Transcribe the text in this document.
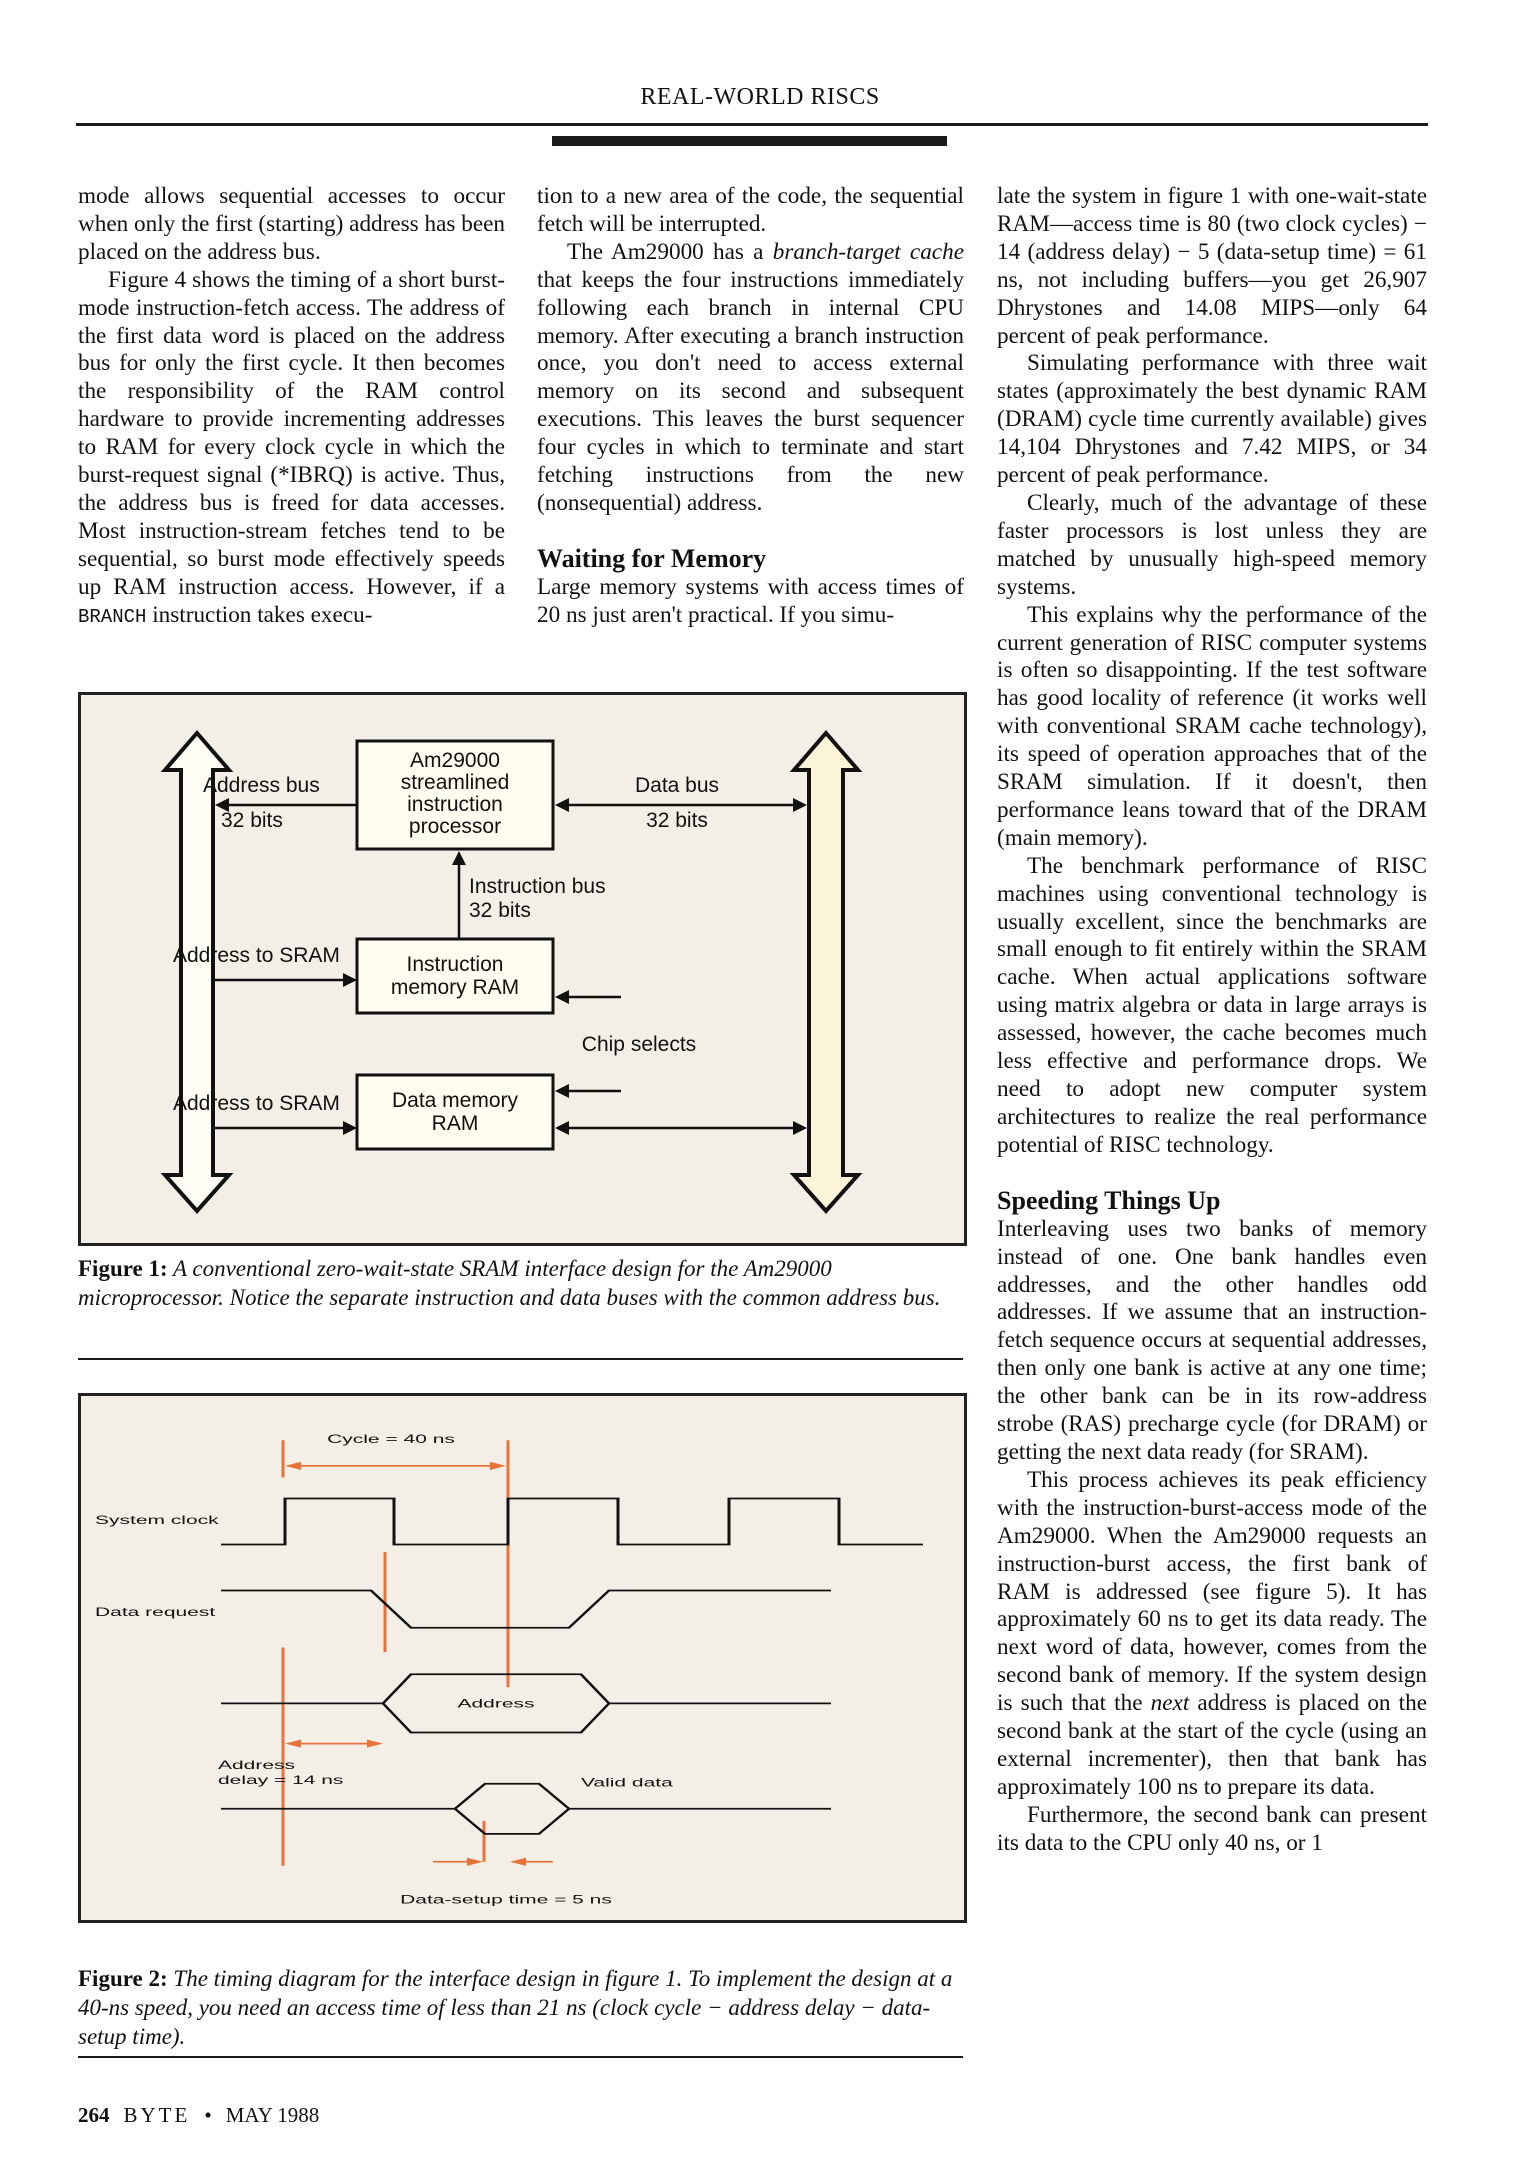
REAL-WORLD RISCS

mode allows sequential accesses to occur when only the first (starting) address has been placed on the address bus.

Figure 4 shows the timing of a short burst-mode instruction-fetch access. The address of the first data word is placed on the address bus for only the first cycle. It then becomes the responsibility of the RAM control hardware to provide incrementing addresses to RAM for every clock cycle in which the burst-request signal (*IBRQ) is active. Thus, the address bus is freed for data accesses. Most instruction-stream fetches tend to be sequential, so burst mode effectively speeds up RAM instruction access. However, if a BRANCH instruction takes execu-

tion to a new area of the code, the sequential fetch will be interrupted.

The Am29000 has a branch-target cache that keeps the four instructions immediately following each branch in internal CPU memory. After executing a branch instruction once, you don't need to access external memory on its second and subsequent executions. This leaves the burst sequencer four cycles in which to terminate and start fetching instructions from the new (nonsequential) address.

Waiting for Memory

Large memory systems with access times of 20 ns just aren't practical. If you simu-

late the system in figure 1 with one-wait-state RAM—access time is 80 (two clock cycles) − 14 (address delay) − 5 (data-setup time) = 61 ns, not including buffers—you get 26,907 Dhrystones and 14.08 MIPS—only 64 percent of peak performance.

Simulating performance with three wait states (approximately the best dynamic RAM (DRAM) cycle time currently available) gives 14,104 Dhrystones and 7.42 MIPS, or 34 percent of peak performance.

Clearly, much of the advantage of these faster processors is lost unless they are matched by unusually high-speed memory systems.

This explains why the performance of the current generation of RISC computer systems is often so disappointing. If the test software has good locality of reference (it works well with conventional SRAM cache technology), its speed of operation approaches that of the SRAM simulation. If it doesn't, then performance leans toward that of the DRAM (main memory).

The benchmark performance of RISC machines using conventional technology is usually excellent, since the benchmarks are small enough to fit entirely within the SRAM cache. When actual applications software using matrix algebra or data in large arrays is assessed, however, the cache becomes much less effective and performance drops. We need to adopt new computer system architectures to realize the real performance potential of RISC technology.

Speeding Things Up

Interleaving uses two banks of memory instead of one. One bank handles even addresses, and the other handles odd addresses. If we assume that an instruction-fetch sequence occurs at sequential addresses, then only one bank is active at any one time; the other bank can be in its row-address strobe (RAS) precharge cycle (for DRAM) or getting the next data ready (for SRAM).

This process achieves its peak efficiency with the instruction-burst-access mode of the Am29000. When the Am29000 requests an instruction-burst access, the first bank of RAM is addressed (see figure 5). It has approximately 60 ns to get its data ready. The next word of data, however, comes from the second bank of memory. If the system design is such that the next address is placed on the second bank at the start of the cycle (using an external incrementer), then that bank has approximately 100 ns to prepare its data.

Furthermore, the second bank can present its data to the CPU only 40 ns, or 1

Am29000
streamlined
instruction
processor
Address bus
32 bits
Data bus
32 bits
Instruction bus
32 bits
Instruction
memory RAM
Address to SRAM
Chip selects
Data memory
RAM
Address to SRAM
Figure 1: A conventional zero-wait-state SRAM interface design for the Am29000 microprocessor. Notice the separate instruction and data buses with the common address bus.
Cycle = 40 ns
System clock
Data request
Address
Address
delay = 14 ns	Valid data
Data-setup time = 5 ns
Figure 2: The timing diagram for the interface design in figure 1. To implement the design at a 40-ns speed, you need an access time of less than 21 ns (clock cycle − address delay − data-setup time).
264 BYTE • MAY 1988
